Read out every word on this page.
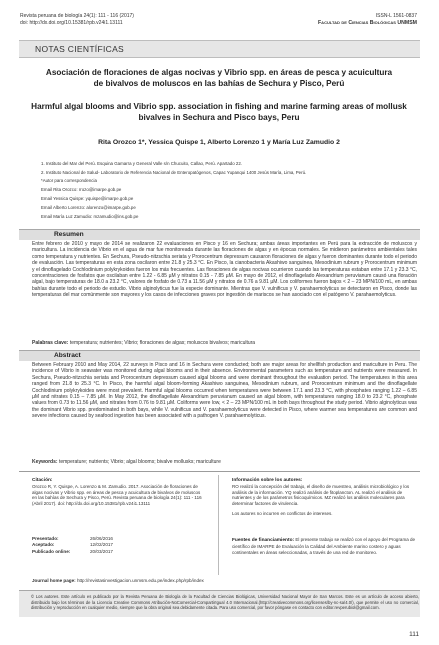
Revista peruana de biología 24(1): 111 - 116 (2017)
doi: http://dx.doi.org/10.15381/rpb.v24i1.13111
ISSN-L 1561-0837
Facultad de Ciencias Biológicas UNMSM
NOTAS CIENTÍFICAS
Asociación de floraciones de algas nocivas y Vibrio spp. en áreas de pesca y acuicultura
de bivalvos de moluscos en las bahías de Sechura y Pisco, Perú
Harmful algal blooms and Vibrio spp. association in fishing and marine farming areas of mollusk
bivalves in Sechura and Pisco bays, Peru
Rita Orozco 1*, Yessica Quispe 1, Alberto Lorenzo 1 y María Luz Zamudio 2
1. Instituto del Mar del Perú. Esquina Gamarra y General Valle s/n Chucuito, Callao, Perú. Apartado 22.
2. Instituto Nacional de Salud- Laboratorio de Referencia Nacional de Enteropatógenos, Capac Yupanqui 1400 Jesús María, Lima, Perú.
*Autor para correspondencia
Email Rita Orozco: rrozo@imarpe.gob.pe
Email Yessica Quispe: yquispe@imarpe.gob.pe
Email Alberto Lorenzo: alorenzo@imarpe.gob.pe
Email María Luz Zamudio: mzamudio@ins.gob.pe
Resumen
Entre febrero de 2010 y mayo de 2014 se realizaron 22 evaluaciones en Pisco y 16 en Sechura; ambas áreas importantes en Perú para la extracción de moluscos y maricultura. La incidencia de Vibrio en el agua de mar fue monitoreada durante las floraciones de algas y en épocas normales. Se midieron parámetros ambientales tales como temperatura y nutrientes. En Sechura, Pseudo-nitzschia seriata y Prorocentrum depressum causaron floraciones de algas y fueron dominantes durante todo el periodo de evaluación. Las temperaturas en esta zona oscilaron entre 21.8 y 25.3 °C. En Pisco, la cianobacteria Akashiwo sanguinea, Mesodinium rubrum y Prorocentrum minimum y el dinoflagelado Cochlodinium polykrykoides fueron los más frecuentes. Las floraciones de algas nocivas ocurrieron cuando las temperaturas estaban entre 17.1 y 23.3 °C, concentraciones de fosfatos que oscilaban entre 1.22 - 6.85 µM y nitratos 0.15 - 7.85 µM. En mayo de 2012, el dinoflagelado Alexandrium peruvianum causó una floración algal, bajo temperaturas de 18.0 a 23.2 °C, valores de fosfato de 0.73 a 11.56 µM y nitratos de 0.76 a 9.81 µM. Los coliformes fueron bajos < 2 – 23 MPN/100 mL, en ambas bahías durante todo el periodo de estudio. Vibrio alginolyticus fue la especie dominante. Mientras que V. vulnificus y V. parahaemolyticus se detectaron en Pisco, donde las temperaturas del mar comúnmente son mayores y los casos de infecciones graves por ingestión de mariscos se han asociado con el patógeno V. parahaemolyticus.
Palabras clave: temperatura; nutrientes; Vibrio; floraciones de algas; moluscos bivalvos; maricultura
Abstract
Between February 2010 and May 2014, 22 surveys in Pisco and 16 in Sechura were conducted; both are major areas for shellfish production and mariculture in Peru. The incidence of Vibrio in seawater was monitored during algal blooms and in their absence. Environmental parameters such as temperature and nutrients were measured. In Sechura, Pseudo-nitzschia seriata and Prorocentrum depressum caused algal blooms and were dominant throughout the evaluation period. The temperatures in this area ranged from 21.8 to 25.3 °C. In Pisco, the harmful algal bloom-forming Akashiwo sanguinea, Mesodinium rubrum, and Prorocentrum minimum and the dinoflagellate Cochlodinium polykrykoides were most prevalent. Harmful algal blooms occurred when temperatures were between 17.1 and 23.3 °C, with phosphates ranging 1.22 – 6.85 µM and nitrates 0.15 – 7.85 µM. In May 2012, the dinoflagellate Alexandrium peruvianum caused an algal bloom, with temperatures ranging 18.0 to 23.2 °C, phosphate values from 0.73 to 11.56 µM, and nitrates from 0.76 to 9.81 µM. Coliforms were low, < 2 – 23 MPN/100 mL in both bays throughout the study period. Vibrio alginolyticus was the dominant Vibrio spp. predominated in both bays, while V. vulnificus and V. parahaemolyticus were detected in Pisco, where warmer sea temperatures are common and severe infections caused by seafood ingestion has been associated with a pathogen V. parahaemolyticus.
Keywords: temperature; nutrients; Vibrio; algal blooms; bivalve mollusks; mariculture
Citación:
Orozco R, Y. Quispe, A. Lorenzo & M. Zamudio. 2017. Asociación de floraciones de algas nocivas y Vibrio spp. en áreas de pesca y acuicultura de bivalvos de moluscos en las bahías de Sechura y Pisco, Perú. Revista peruana de biología 24(1): 111 - 116 (Abril 2017). doi: http://dx.doi.org/10.15381/rpb.v24i1.13111
Presentado:	26/06/2016
Aceptado:	12/02/2017
Publicado online:	20/03/2017
Información sobre los autores:
RO realizó la concepción del trabajo, el diseño de muestreo, análisis microbiológico y los análisis de la información. YQ realizó análisis de fitoplancton. AL realizó el análisis de nutrientes y de los parámetros fisicoquímicos. MZ realizó los análisis moleculares para determinar factores de virulencia.
Los autores no incurren en conflictos de intereses.
Fuentes de financiamiento: El presente trabajo se realizó con el apoyo del Programa de científico de IMARPE de Evaluación la Calidad del Ambiente marino costero y aguas continentales en áreas seleccionadas, a través de una red de monitoreo.
Journal home page: http://revistasinvestigacion.unmsm.edu.pe/index.php/rpb/index

© Los autores. Este artículo es publicado por la Revista Peruana de Biología de la Facultad de Ciencias Biológicas, Universidad Nacional Mayor de San Marcos. Este es un artículo de acceso abierto, distribuido bajo los términos de la Licencia Creative Commons Atribución-NoComercial-CompartirIgual 4.0 Internacional.(http://creativecommons.org/licenses/by-nc-sa/4.0/), que permite el uso no comercial, distribución y reproducción en cualquier medio, siempre que la obra original sea debidamente citada. Para uso comercial, por favor póngase en contacto con editor.revperubiol@gmail.com.

111
